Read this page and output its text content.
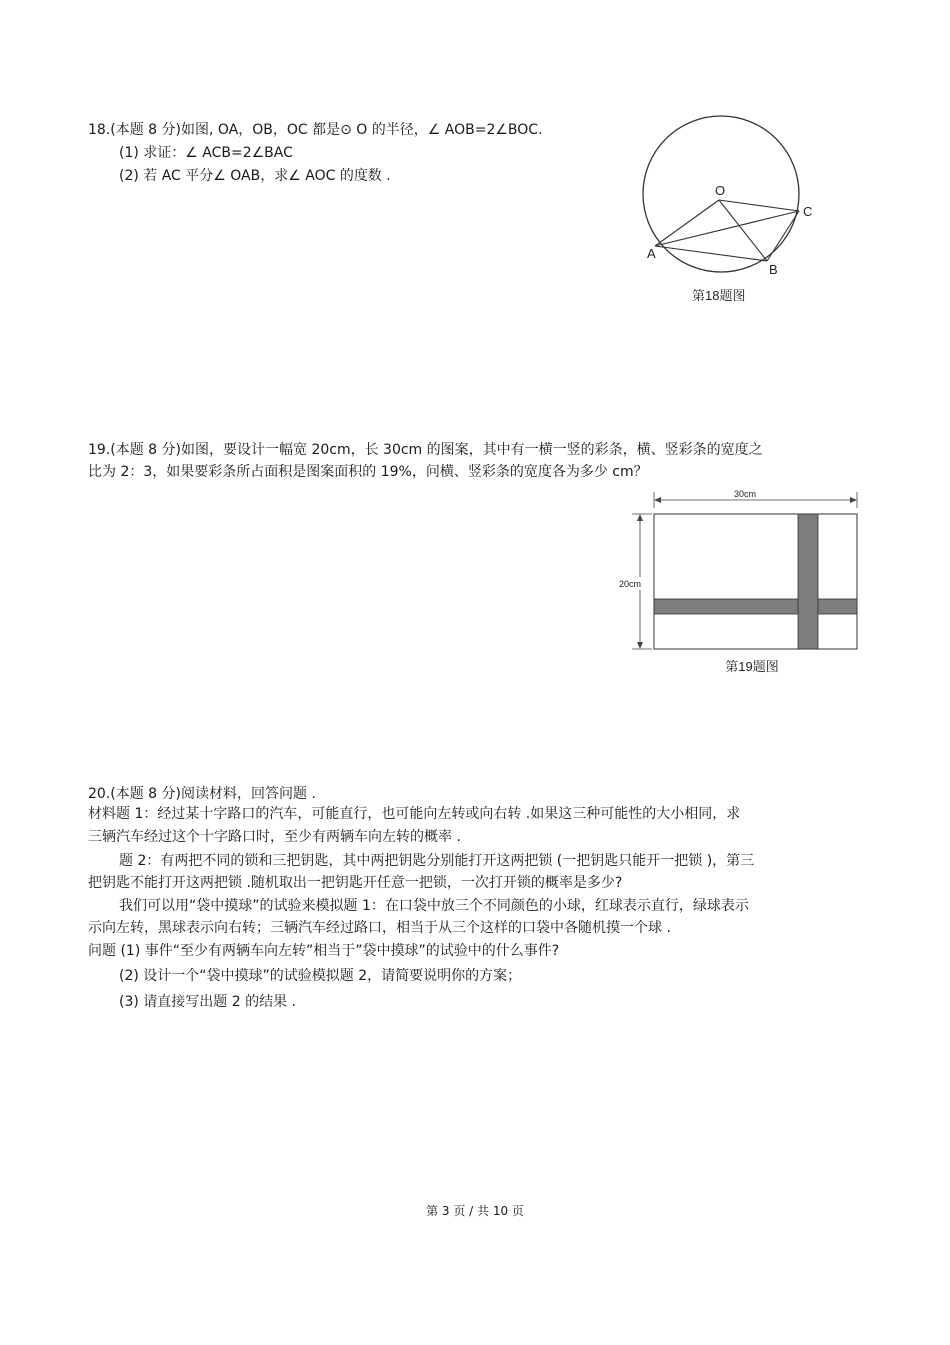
18.(本题 8 分)如图, OA，OB，OC 都是⊙ O 的半径，∠ AOB=2∠BOC.
(1) 求证：∠ ACB=2∠BAC
(2) 若 AC 平分∠ OAB，求∠ AOC 的度数 .
O
A
B
C
第18题图
19.(本题 8 分)如图，要设计一幅宽 20cm，长 30cm 的图案，其中有一横一竖的彩条，横、竖彩条的宽度之
比为 2：3，如果要彩条所占面积是图案面积的 19%，问横、竖彩条的宽度各为多少 cm？
30cm
20cm
第19题图
20.(本题 8 分)阅读材料，回答问题 .
材料题 1：经过某十字路口的汽车，可能直行，也可能向左转或向右转 .如果这三种可能性的大小相同，求
三辆汽车经过这个十字路口时，至少有两辆车向左转的概率 .
题 2：有两把不同的锁和三把钥匙，其中两把钥匙分别能打开这两把锁 (一把钥匙只能开一把锁 )，第三
把钥匙不能打开这两把锁 .随机取出一把钥匙开任意一把锁，一次打开锁的概率是多少?
我们可以用“袋中摸球”的试验来模拟题 1：在口袋中放三个不同颜色的小球，红球表示直行，绿球表示
示向左转，黑球表示向右转；三辆汽车经过路口，相当于从三个这样的口袋中各随机摸一个球 .
问题 (1) 事件“至少有两辆车向左转”相当于”袋中摸球”的试验中的什么事件?
(2) 设计一个“袋中摸球”的试验模拟题 2，请简要说明你的方案；
(3) 请直接写出题 2 的结果 .
第 3 页 / 共 10 页
